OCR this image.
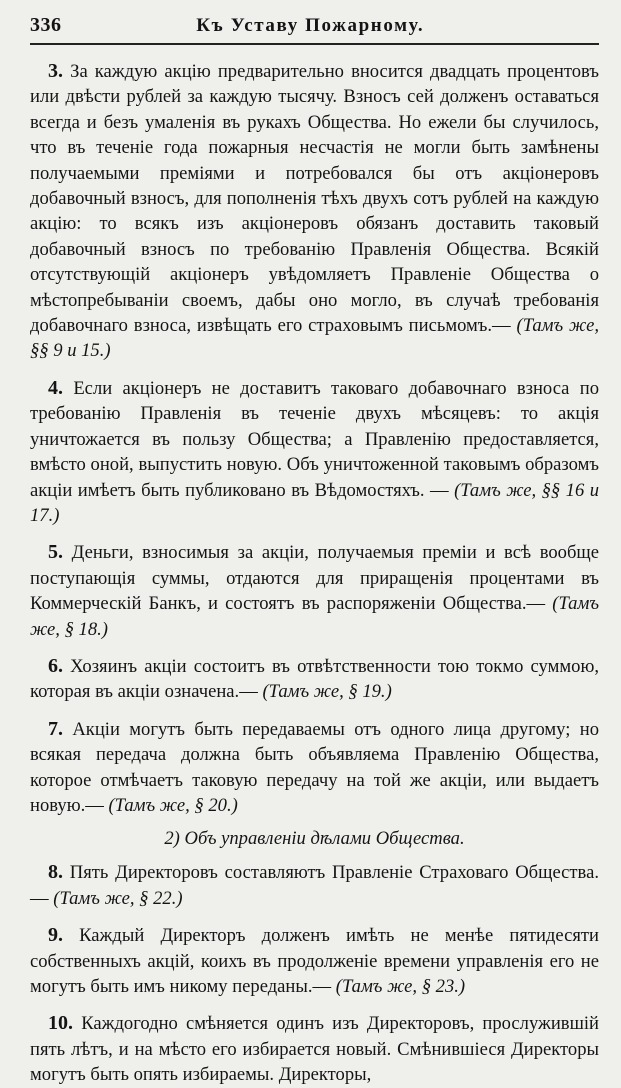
336	Къ Уставу Пожарному.

3. За каждую акцію предварительно вносится двадцать процентовъ или двѣсти рублей за каждую тысячу. Взносъ сей долженъ оставаться всегда и безъ умаленія въ рукахъ Общества. Но ежели бы случилось, что въ теченіе года пожарныя несчастія не могли быть замѣнены получаемыми преміями и потребовался бы отъ акціонеровъ добавочный взносъ, для пополненія тѣхъ двухъ сотъ рублей на каждую акцію: то всякъ изъ акціонеровъ обязанъ доставить таковый добавочный взносъ по требованію Правленія Общества. Всякій отсутствующій акціонеръ увѣдомляетъ Правленіе Общества о мѣстопребываніи своемъ, дабы оно могло, въ случаѣ требованія добавочнаго взноса, извѣщать его страховымъ письмомъ.— (Тамъ же, §§ 9 и 15.)

4. Если акціонеръ не доставитъ таковаго добавочнаго взноса по требованію Правленія въ теченіе двухъ мѣсяцевъ: то акція уничтожается въ пользу Общества; а Правленію предоставляется, вмѣсто оной, выпустить новую. Объ уничтоженной таковымъ образомъ акціи имѣетъ быть публиковано въ Вѣдомостяхъ. — (Тамъ же, §§ 16 и 17.)

5. Деньги, взносимыя за акціи, получаемыя преміи и всѣ вообще поступающія суммы, отдаются для приращенія процентами въ Коммерческій Банкъ, и состоятъ въ распоряженіи Общества.— (Тамъ же, § 18.)

6. Хозяинъ акціи состоитъ въ отвѣтственности тою токмо суммою, которая въ акціи означена.— (Тамъ же, § 19.)

7. Акціи могутъ быть передаваемы отъ одного лица другому; но всякая передача должна быть объявляема Правленію Общества, которое отмѣчаетъ таковую передачу на той же акціи, или выдаетъ новую.— (Тамъ же, § 20.)

2) Объ управленіи дѣлами Общества.

8. Пять Директоровъ составляютъ Правленіе Страховаго Общества.— (Тамъ же, § 22.)

9. Каждый Директоръ долженъ имѣть не менѣе пятидесяти собственныхъ акцій, коихъ въ продолженіе времени управленія его не могутъ быть имъ никому переданы.— (Тамъ же, § 23.)

10. Каждогодно смѣняется одинъ изъ Директоровъ, прослужившій пять лѣтъ, и на мѣсто его избирается новый. Смѣнившіеся Директоры могутъ быть опять избираемы. Директоры,
